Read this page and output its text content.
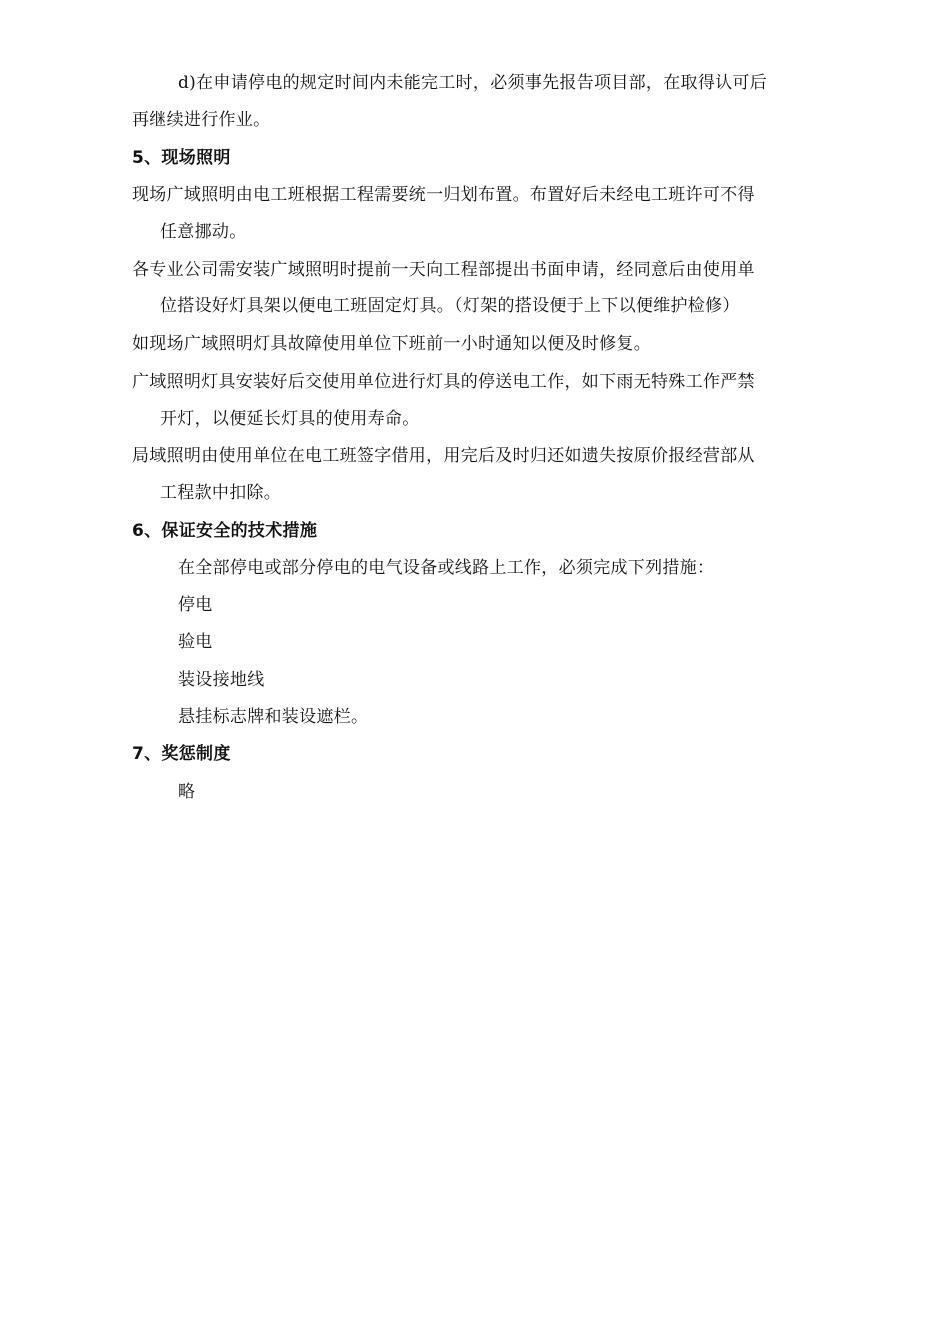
d)在申请停电的规定时间内未能完工时，必须事先报告项目部，在取得认可后
再继续进行作业。
5、现场照明
现场广域照明由电工班根据工程需要统一归划布置。布置好后未经电工班许可不得
任意挪动。
各专业公司需安装广域照明时提前一天向工程部提出书面申请，经同意后由使用单
位搭设好灯具架以便电工班固定灯具。（灯架的搭设便于上下以便维护检修）
如现场广域照明灯具故障使用单位下班前一小时通知以便及时修复。
广域照明灯具安装好后交使用单位进行灯具的停送电工作，如下雨无特殊工作严禁
开灯，以便延长灯具的使用寿命。
局域照明由使用单位在电工班签字借用，用完后及时归还如遗失按原价报经营部从
工程款中扣除。
6、保证安全的技术措施
在全部停电或部分停电的电气设备或线路上工作，必须完成下列措施：
停电
验电
装设接地线
悬挂标志牌和装设遮栏。
7、奖惩制度
略
